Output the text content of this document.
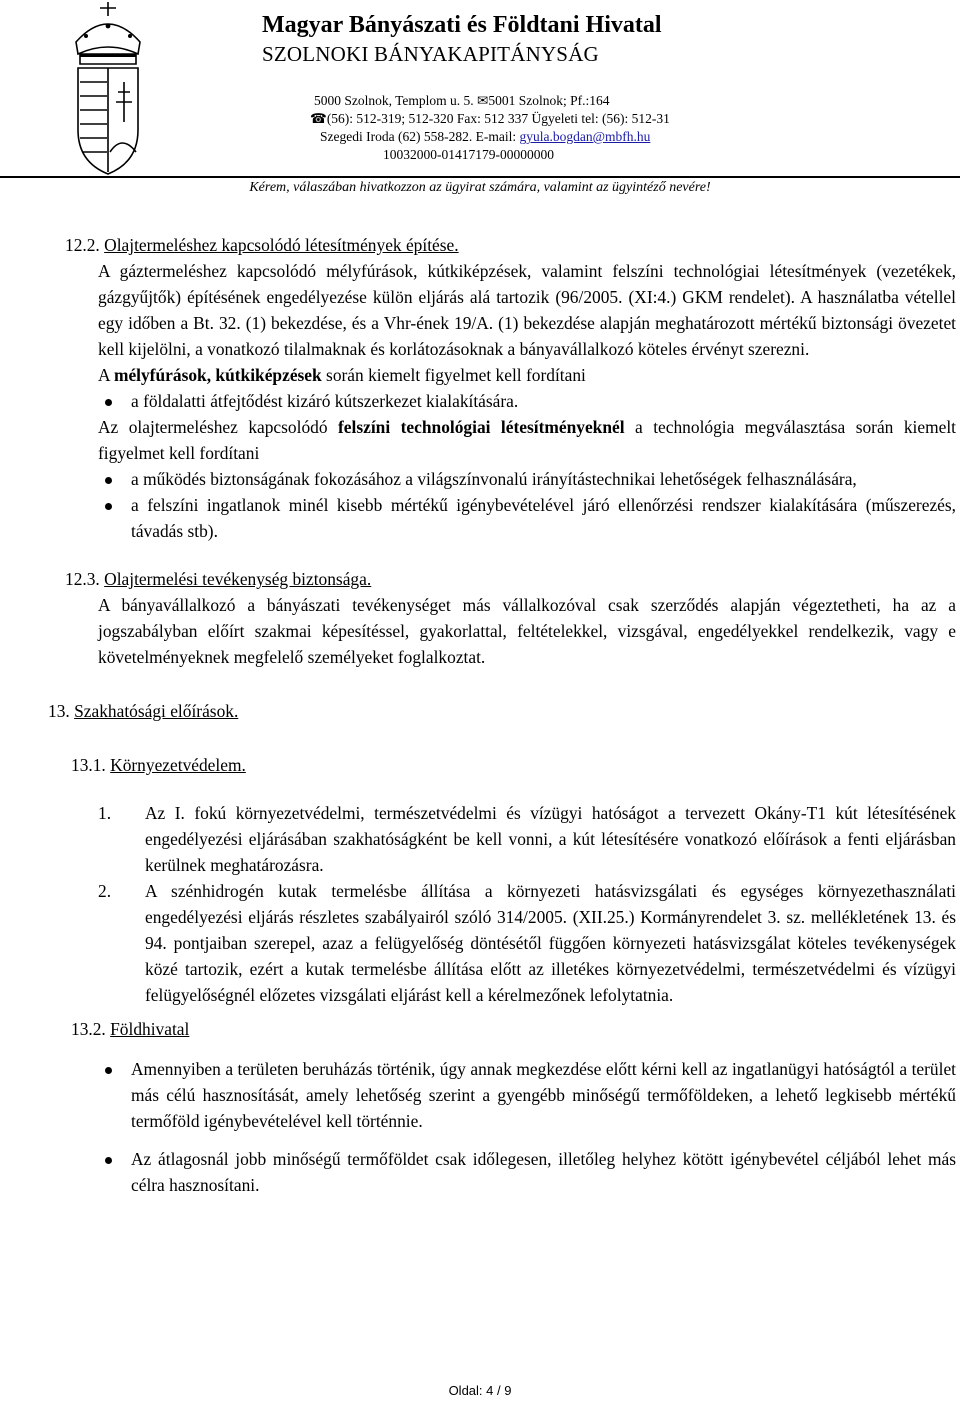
Magyar Bányászati és Földtani Hivatal
SZOLNOKI BÁNYAKAPITÁNYSÁG
5000 Szolnok, Templom u. 5. ✉5001 Szolnok; Pf.:164
☎(56): 512-319; 512-320 Fax: 512 337 Ügyeleti tel: (56): 512-31
Szegedi Iroda (62) 558-282. E-mail: gyula.bogdan@mbfh.hu
10032000-01417179-00000000
Kérem, válaszában hivatkozzon az ügyirat számára, valamint az ügyintéző nevére!
12.2. Olajtermeléshez kapcsolódó létesítmények építése.

A gáztermeléshez kapcsolódó mélyfúrások, kútkiképzések, valamint felszíni technológiai létesítmények (vezetékek, gázgyűjtők) építésének engedélyezése külön eljárás alá tartozik (96/2005. (XI:4.) GKM rendelet). A használatba vétellel egy időben a Bt. 32. (1) bekezdése, és a Vhr-ének 19/A. (1) bekezdése alapján meghatározott mértékű biztonsági övezetet kell kijelölni, a vonatkozó tilalmaknak és korlátozásoknak a bányavállalkozó köteles érvényt szerezni.

A mélyfúrások, kútkiképzések során kiemelt figyelmet kell fordítani

a földalatti átfejtődést kizáró kútszerkezet kialakítására.

Az olajtermeléshez kapcsolódó felszíni technológiai létesítményeknél a technológia megválasztása során kiemelt figyelmet kell fordítani

a működés biztonságának fokozásához a világszínvonalú irányítástechnikai lehetőségek felhasználására,
a felszíni ingatlanok minél kisebb mértékű igénybevételével járó ellenőrzési rendszer kialakítására (műszerezés, távadás stb).
12.3. Olajtermelési tevékenység biztonsága.

A bányavállalkozó a bányászati tevékenységet más vállalkozóval csak szerződés alapján végeztetheti, ha az a jogszabályban előírt szakmai képesítéssel, gyakorlattal, feltételekkel, vizsgával, engedélyekkel rendelkezik, vagy e követelményeknek megfelelő személyeket foglalkoztat.

13. Szakhatósági előírások.
13.1. Környezetvédelem.
1. Az I. fokú környezetvédelmi, természetvédelmi és vízügyi hatóságot a tervezett Okány-T1 kút létesítésének engedélyezési eljárásában szakhatóságként be kell vonni, a kút létesítésére vonatkozó előírások a fenti eljárásban kerülnek meghatározásra.
2. A szénhidrogén kutak termelésbe állítása a környezeti hatásvizsgálati és egységes környezethasználati engedélyezési eljárás részletes szabályairól szóló 314/2005. (XII.25.) Kormányrendelet 3. sz. mellékletének 13. és 94. pontjaiban szerepel, azaz a felügyelőség döntésétől függően környezeti hatásvizsgálat köteles tevékenységek közé tartozik, ezért a kutak termelésbe állítása előtt az illetékes környezetvédelmi, természetvédelmi és vízügyi felügyelőségnél előzetes vizsgálati eljárást kell a kérelmezőnek lefolytatnia.
13.2. Földhivatal
Amennyiben a területen beruházás történik, úgy annak megkezdése előtt kérni kell az ingatlanügyi hatóságtól a terület más célú hasznosítását, amely lehetőség szerint a gyengébb minőségű termőföldeken, a lehető legkisebb mértékű termőföld igénybevételével kell történnie.
Az átlagosnál jobb minőségű termőföldet csak időlegesen, illetőleg helyhez kötött igénybevétel céljából lehet más célra hasznosítani.
Oldal: 4 / 9
